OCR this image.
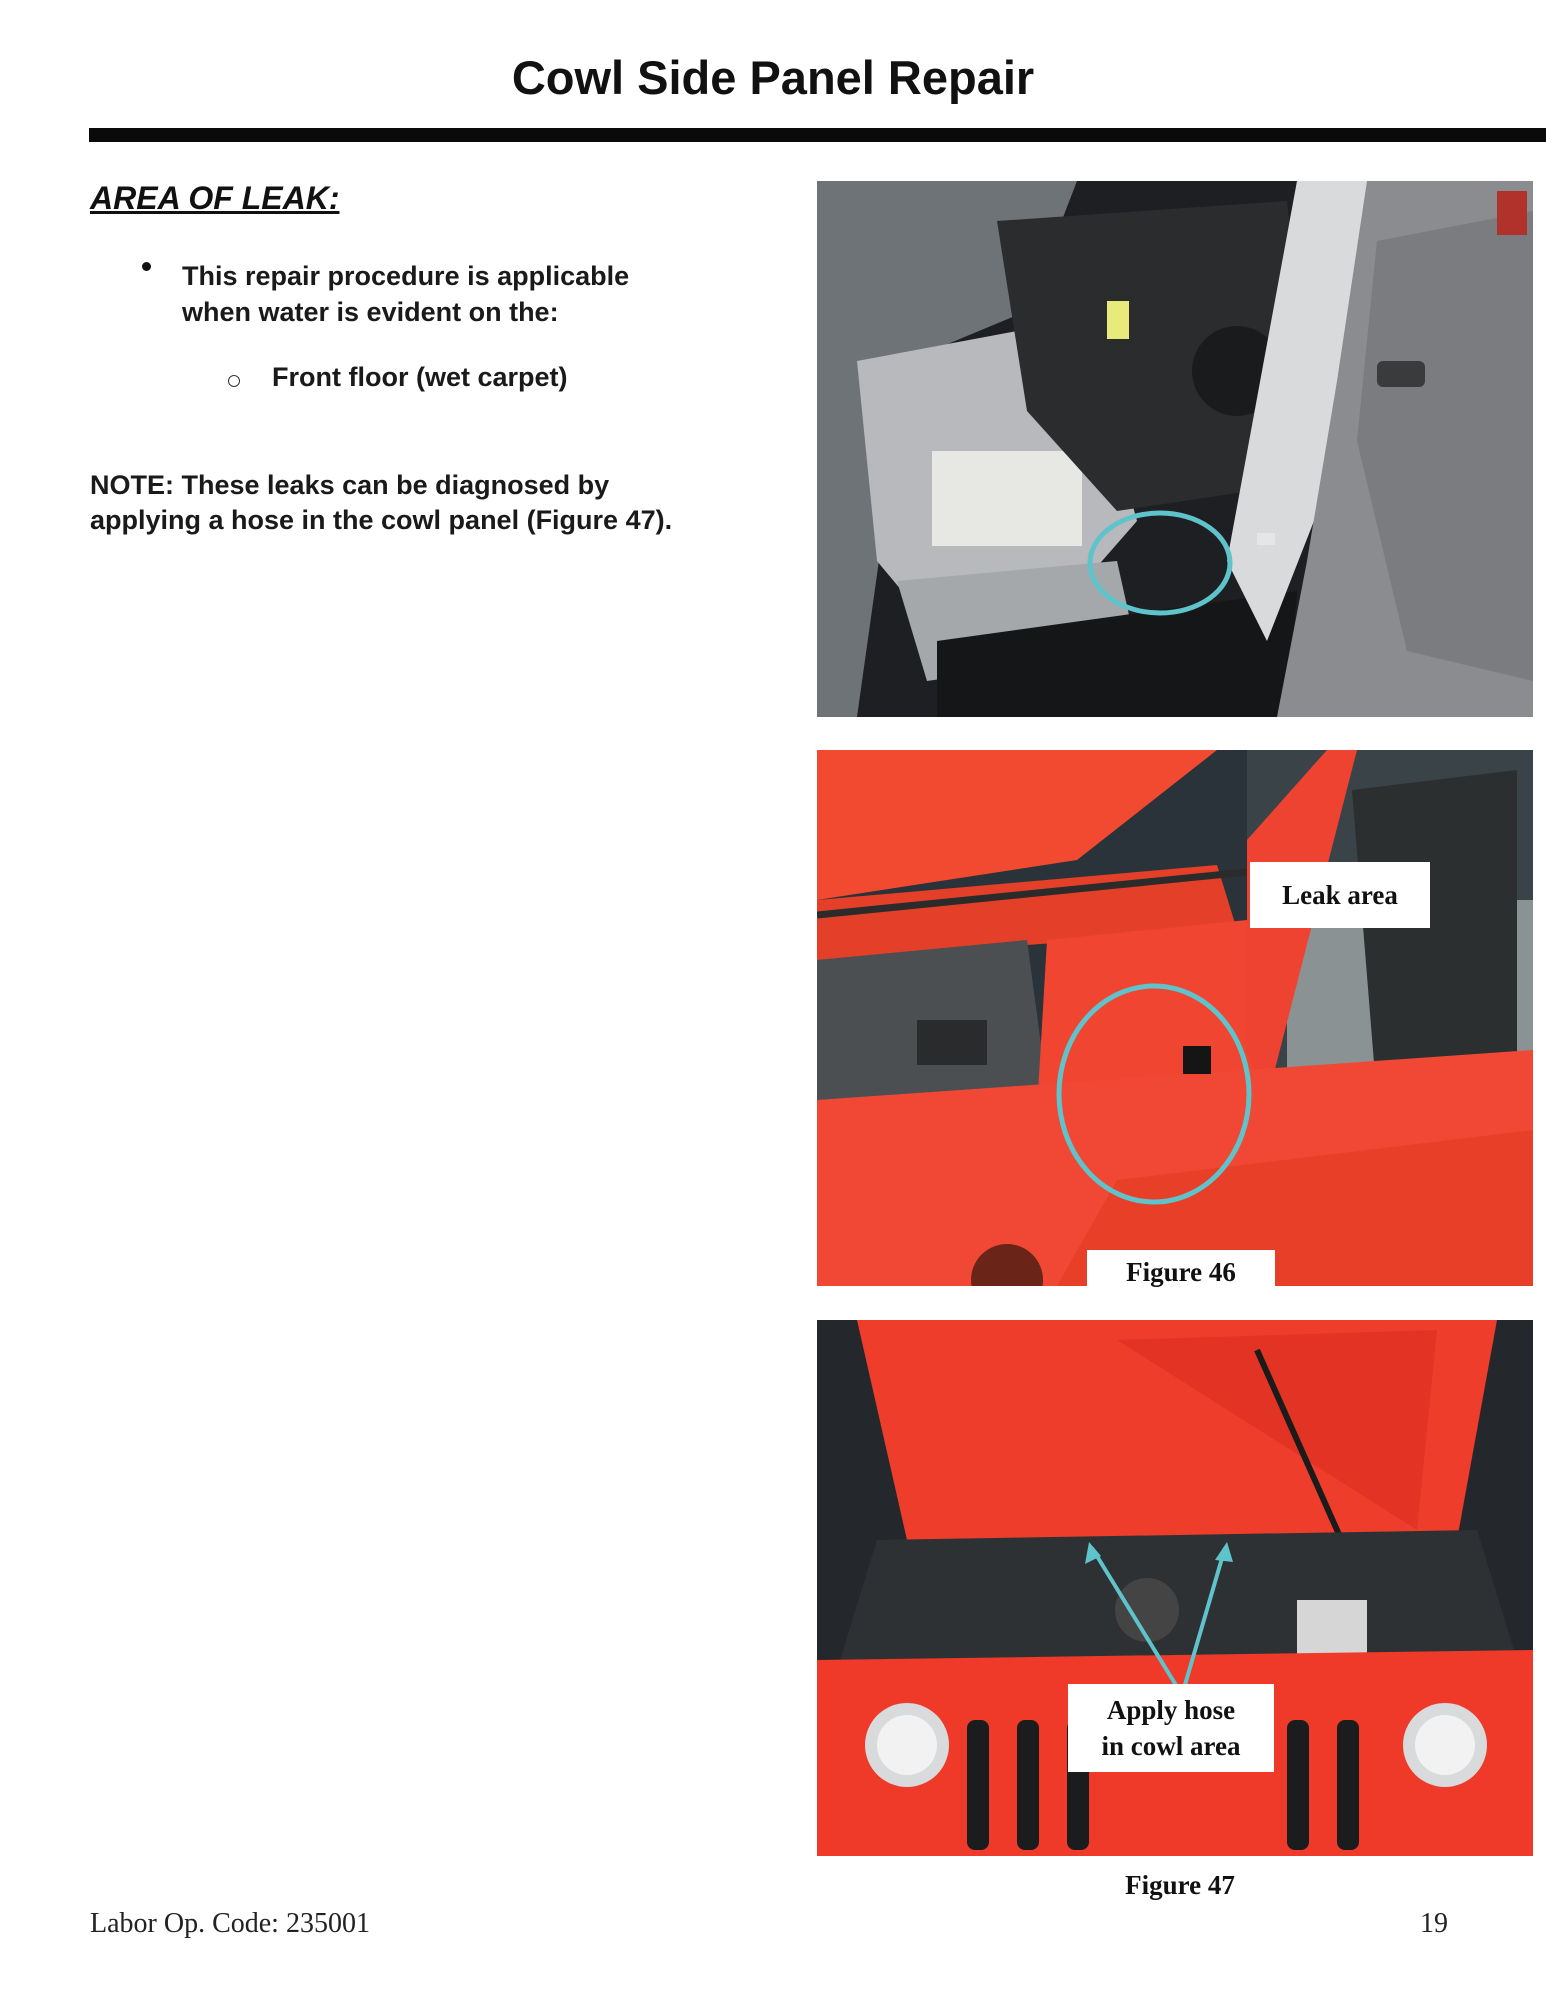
Cowl Side Panel Repair
AREA OF LEAK:
This repair procedure is applicable when water is evident on the:
Front floor (wet carpet)
NOTE: These leaks can be diagnosed by applying a hose in the cowl panel (Figure 47).
Leak area
Figure 46
Apply hose
in cowl area
Figure 47
Labor Op. Code: 235001	19
